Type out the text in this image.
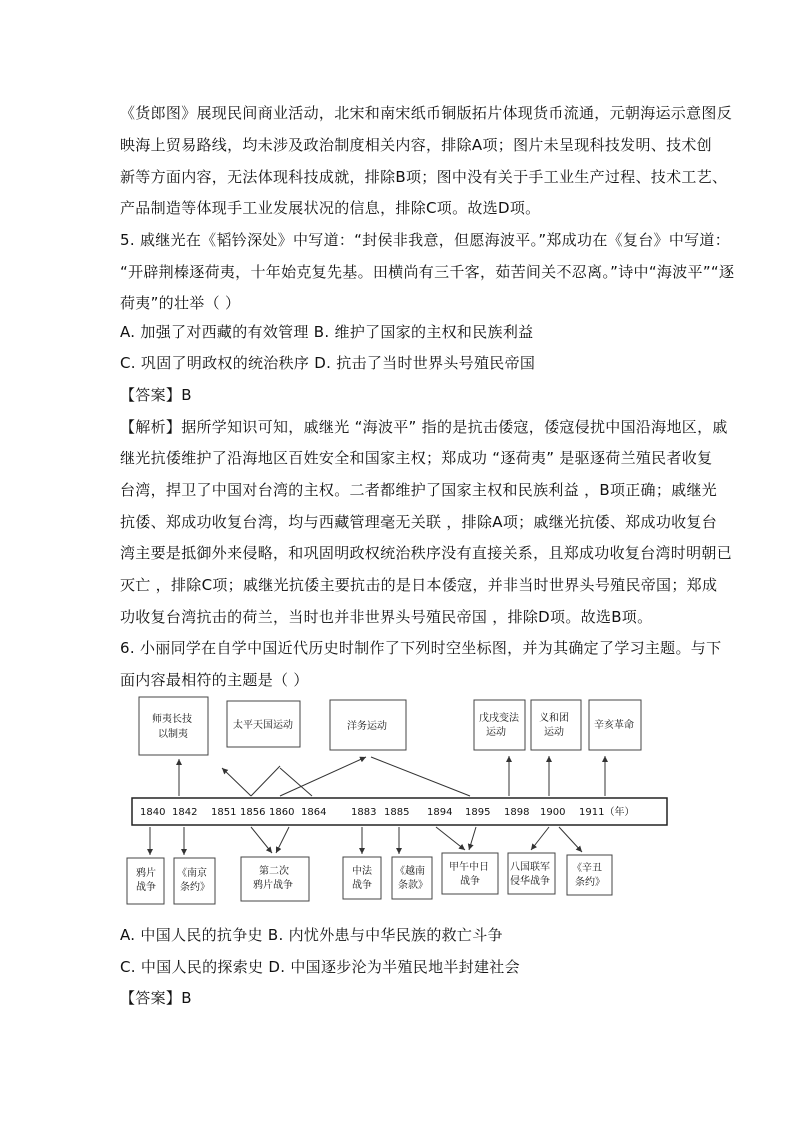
《货郎图》展现民间商业活动，北宋和南宋纸币铜版拓片体现货币流通，元朝海运示意图反
映海上贸易路线，均未涉及政治制度相关内容，排除A项；图片未呈现科技发明、技术创
新等方面内容，无法体现科技成就，排除B项；图中没有关于手工业生产过程、技术工艺、
产品制造等体现手工业发展状况的信息，排除C项。故选D项。
5. 戚继光在《韬钤深处》中写道：“封侯非我意，但愿海波平。”郑成功在《复台》中写道：
“开辟荆榛逐荷夷，十年始克复先基。田横尚有三千客，茹苦间关不忍离。”诗中“海波平”“逐
荷夷”的壮举（ ）
A. 加强了对西藏的有效管理 B. 维护了国家的主权和民族利益
C. 巩固了明政权的统治秩序 D. 抗击了当时世界头号殖民帝国
【答案】B
【解析】据所学知识可知，戚继光 “海波平” 指的是抗击倭寇，倭寇侵扰中国沿海地区，戚
继光抗倭维护了沿海地区百姓安全和国家主权；郑成功 “逐荷夷” 是驱逐荷兰殖民者收复
台湾，捍卫了中国对台湾的主权。二者都维护了国家主权和民族利益 ，B项正确；戚继光
抗倭、郑成功收复台湾，均与西藏管理毫无关联 ，排除A项；戚继光抗倭、郑成功收复台
湾主要是抵御外来侵略，和巩固明政权统治秩序没有直接关系，且郑成功收复台湾时明朝已
灭亡 ，排除C项；戚继光抗倭主要抗击的是日本倭寇，并非当时世界头号殖民帝国；郑成
功收复台湾抗击的荷兰，当时也并非世界头号殖民帝国 ，排除D项。故选B项。
6. 小丽同学在自学中国近代历史时制作了下列时空坐标图，并为其确定了学习主题。与下
面内容最相符的主题是（ ）
1840 1842 1851 1856 1860 1864 1883 1885 1894 1895 1898 1900 1911（年）
师夷长技
以制夷
太平天国运动	洋务运动
戊戌变法
运动
义和团
运动
辛亥革命
鸦片
战争
《南京
条约》
第二次
鸦片战争
中法
战争
《越南
条款》
甲午中日
战争
八国联军
侵华战争
《辛丑
条约》
A. 中国人民的抗争史 B. 内忧外患与中华民族的救亡斗争
C. 中国人民的探索史 D. 中国逐步沦为半殖民地半封建社会
【答案】B
